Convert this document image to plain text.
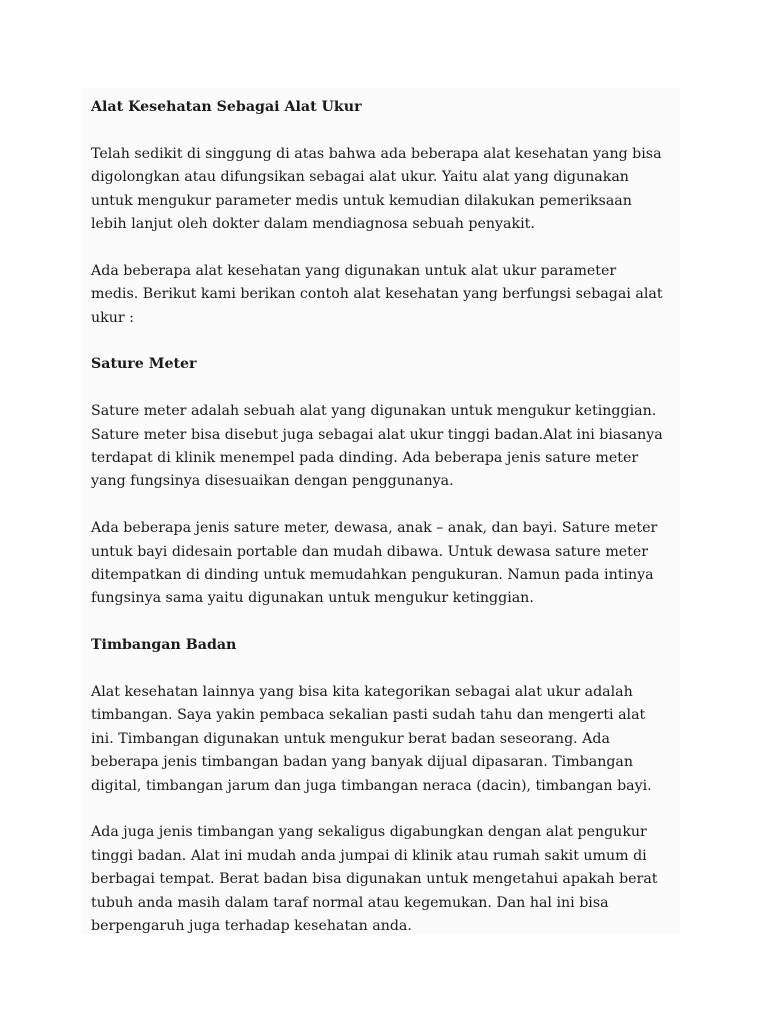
Alat Kesehatan Sebagai Alat Ukur
Telah sedikit di singgung di atas bahwa ada beberapa alat kesehatan yang bisa
digolongkan atau difungsikan sebagai alat ukur. Yaitu alat yang digunakan
untuk mengukur parameter medis untuk kemudian dilakukan pemeriksaan
lebih lanjut oleh dokter dalam mendiagnosa sebuah penyakit.
Ada beberapa alat kesehatan yang digunakan untuk alat ukur parameter
medis. Berikut kami berikan contoh alat kesehatan yang berfungsi sebagai alat
ukur :
Sature Meter
Sature meter adalah sebuah alat yang digunakan untuk mengukur ketinggian.
Sature meter bisa disebut juga sebagai alat ukur tinggi badan.Alat ini biasanya
terdapat di klinik menempel pada dinding. Ada beberapa jenis sature meter
yang fungsinya disesuaikan dengan penggunanya.
Ada beberapa jenis sature meter, dewasa, anak – anak, dan bayi. Sature meter
untuk bayi didesain portable dan mudah dibawa. Untuk dewasa sature meter
ditempatkan di dinding untuk memudahkan pengukuran. Namun pada intinya
fungsinya sama yaitu digunakan untuk mengukur ketinggian.
Timbangan Badan
Alat kesehatan lainnya yang bisa kita kategorikan sebagai alat ukur adalah
timbangan. Saya yakin pembaca sekalian pasti sudah tahu dan mengerti alat
ini. Timbangan digunakan untuk mengukur berat badan seseorang. Ada
beberapa jenis timbangan badan yang banyak dijual dipasaran. Timbangan
digital, timbangan jarum dan juga timbangan neraca (dacin), timbangan bayi.
Ada juga jenis timbangan yang sekaligus digabungkan dengan alat pengukur
tinggi badan. Alat ini mudah anda jumpai di klinik atau rumah sakit umum di
berbagai tempat. Berat badan bisa digunakan untuk mengetahui apakah berat
tubuh anda masih dalam taraf normal atau kegemukan. Dan hal ini bisa
berpengaruh juga terhadap kesehatan anda.
